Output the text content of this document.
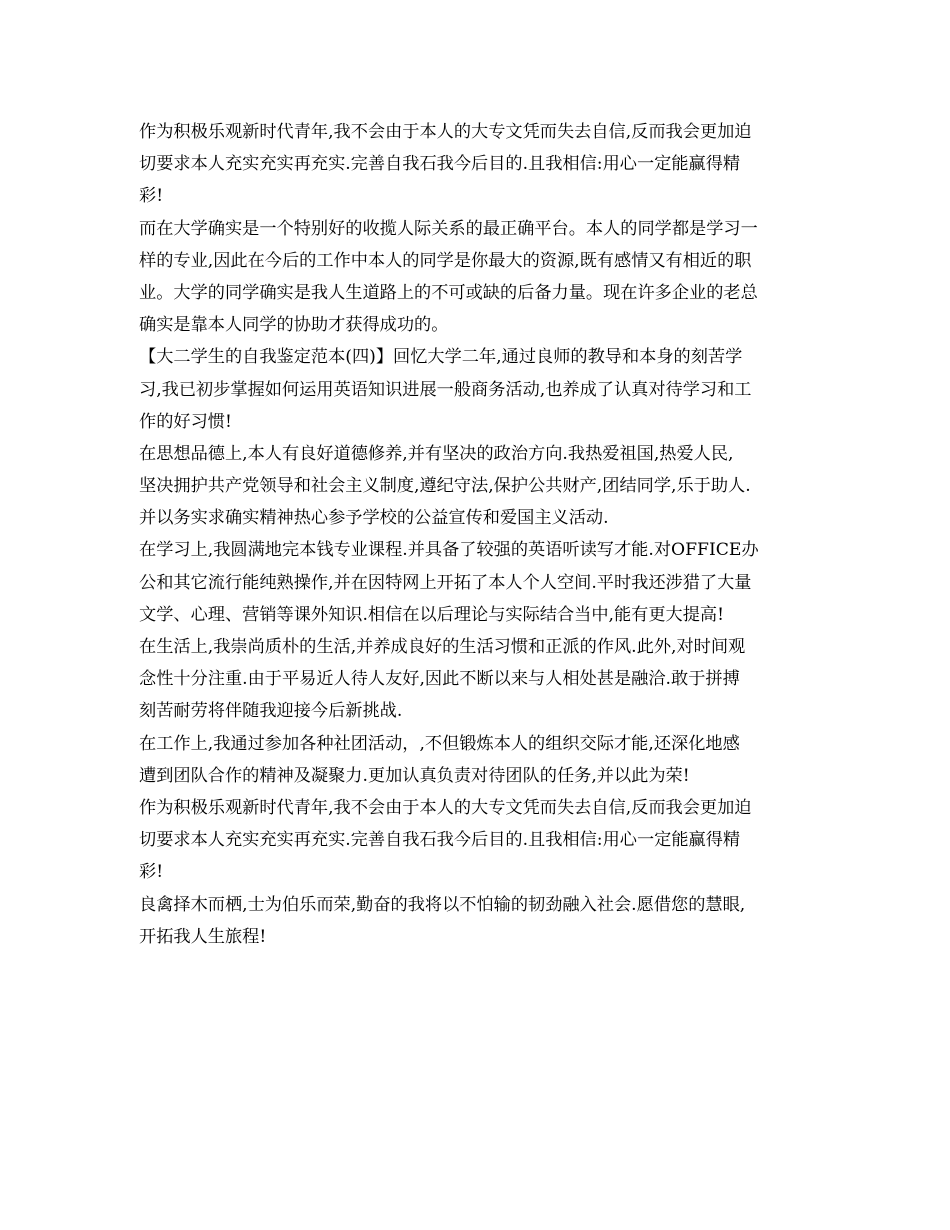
作为积极乐观新时代青年,我不会由于本人的大专文凭而失去自信,反而我会更加迫
切要求本人充实充实再充实.完善自我石我今后目的.且我相信:用心一定能赢得精
彩!
而在大学确实是一个特别好的收揽人际关系的最正确平台。本人的同学都是学习一
样的专业,因此在今后的工作中本人的同学是你最大的资源,既有感情又有相近的职
业。大学的同学确实是我人生道路上的不可或缺的后备力量。现在许多企业的老总
确实是靠本人同学的协助才获得成功的。
【大二学生的自我鉴定范本(四)】回忆大学二年,通过良师的教导和本身的刻苦学
习,我已初步掌握如何运用英语知识进展一般商务活动,也养成了认真对待学习和工
作的好习惯!
在思想品德上,本人有良好道德修养,并有坚决的政治方向.我热爱祖国,热爱人民,
坚决拥护共产党领导和社会主义制度,遵纪守法,保护公共财产,团结同学,乐于助人.
并以务实求确实精神热心参予学校的公益宣传和爱国主义活动.
在学习上,我圆满地完本钱专业课程.并具备了较强的英语听读写才能.对OFFICE办
公和其它流行能纯熟操作,并在因特网上开拓了本人个人空间.平时我还涉猎了大量
文学、心理、营销等课外知识.相信在以后理论与实际结合当中,能有更大提高!
在生活上,我崇尚质朴的生活,并养成良好的生活习惯和正派的作风.此外,对时间观
念性十分注重.由于平易近人待人友好,因此不断以来与人相处甚是融洽.敢于拼搏
刻苦耐劳将伴随我迎接今后新挑战.
在工作上,我通过参加各种社团活动，,不但锻炼本人的组织交际才能,还深化地感
遭到团队合作的精神及凝聚力.更加认真负责对待团队的任务,并以此为荣!
作为积极乐观新时代青年,我不会由于本人的大专文凭而失去自信,反而我会更加迫
切要求本人充实充实再充实.完善自我石我今后目的.且我相信:用心一定能赢得精
彩!
良禽择木而栖,士为伯乐而荣,勤奋的我将以不怕输的韧劲融入社会.愿借您的慧眼,
开拓我人生旅程!
